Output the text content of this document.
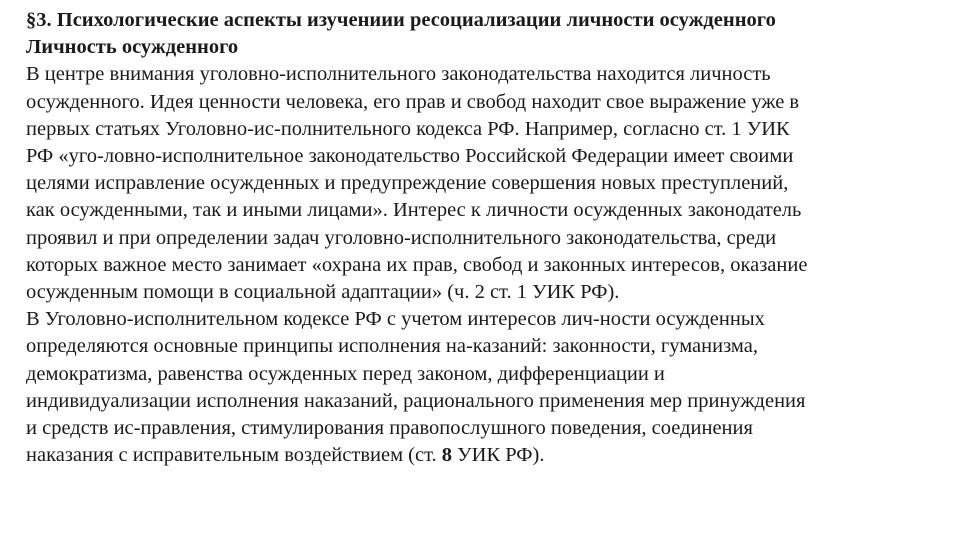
§3. Психологические аспекты изучениии ресоциализации личности осужденного

Личность осужденного

В центре внимания уголовно-исполнительного законодательства находится личность

осужденного. Идея ценности человека, его прав и свобод находит свое выражение уже в

первых статьях Уголовно-ис-полнительного кодекса РФ. Например, согласно ст. 1 УИК

РФ «уго-ловно-исполнительное законодательство Российской Федерации имеет своими

целями исправление осужденных и предупреждение совершения новых преступлений,

как осужденными, так и иными лицами». Интерес к личности осужденных законодатель

проявил и при определении задач уголовно-исполнительного законодательства, среди

которых важное место занимает «охрана их прав, свобод и законных интересов, оказание

осужденным помощи в социальной адаптации» (ч. 2 ст. 1 УИК РФ).

В Уголовно-исполнительном кодексе РФ с учетом интересов лич-ности осужденных

определяются основные принципы исполнения на-казаний: законности, гуманизма,

демократизма, равенства осужденных перед законом, дифференциации и

индивидуализации исполнения наказаний, рационального применения мер принуждения

и средств ис-правления, стимулирования правопослушного поведения, соединения

наказания с исправительным воздействием (ст. 8 УИК РФ).
